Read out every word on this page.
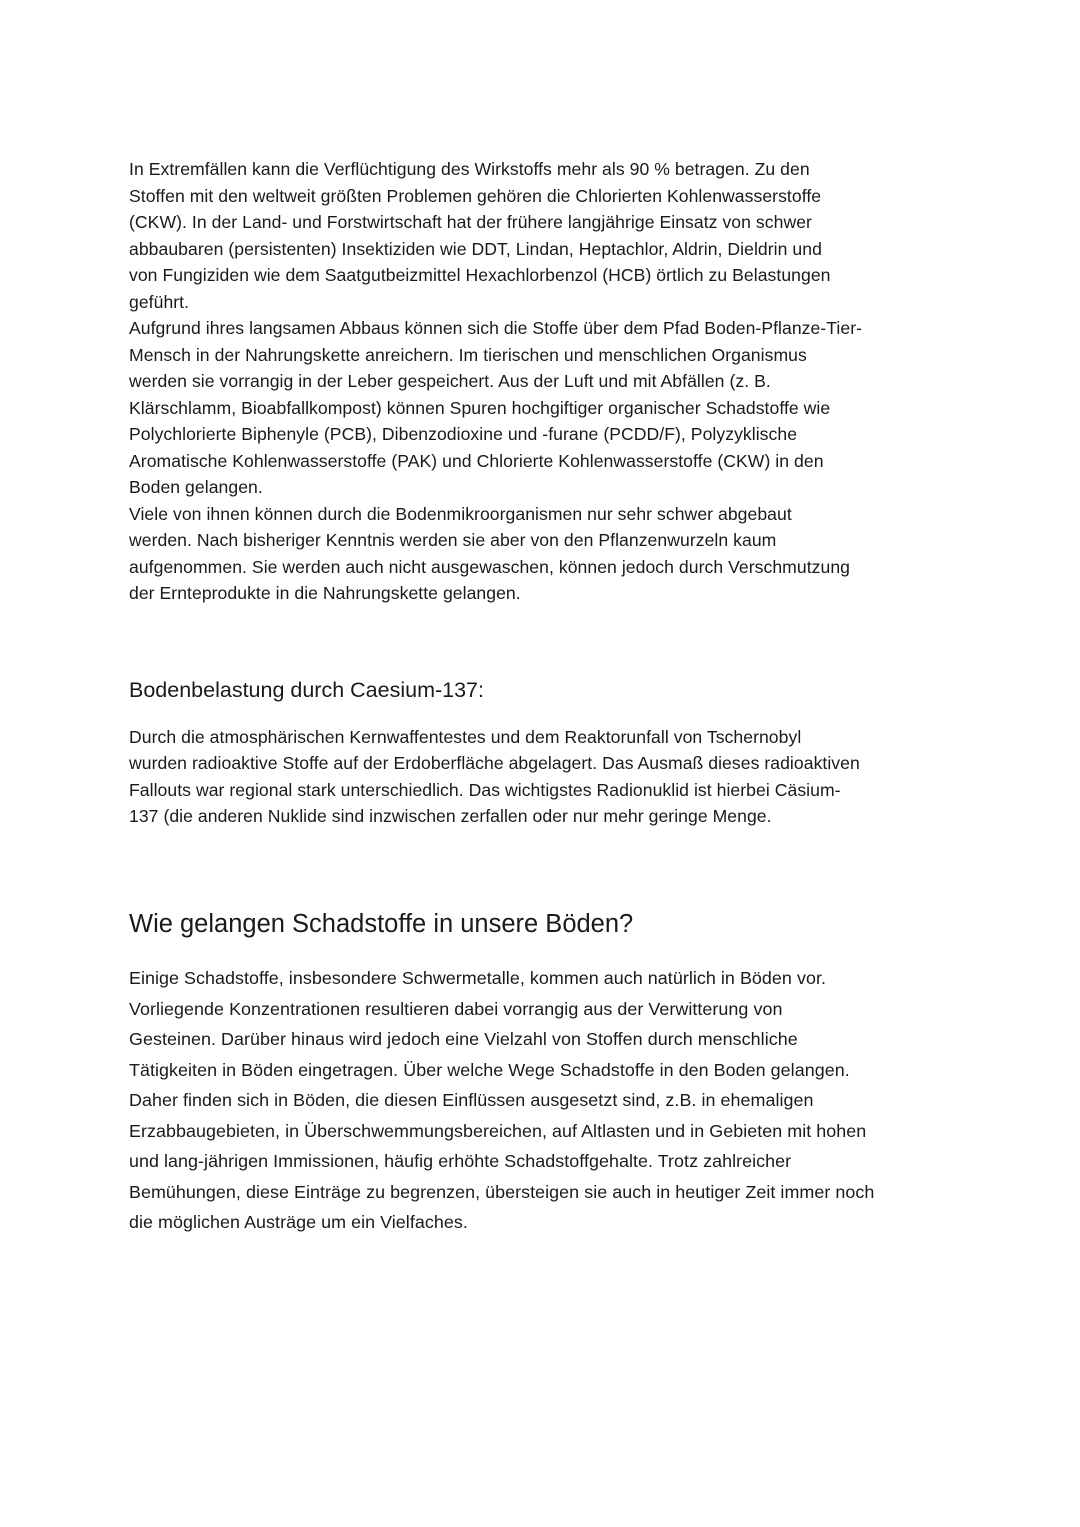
In Extremfällen kann die Verflüchtigung des Wirkstoffs mehr als 90 % betragen. Zu den
Stoffen mit den weltweit größten Problemen gehören die Chlorierten Kohlenwasserstoffe
(CKW). In der Land- und Forstwirtschaft hat der frühere langjährige Einsatz von schwer
abbaubaren (persistenten) Insektiziden wie DDT, Lindan, Heptachlor, Aldrin, Dieldrin und
von Fungiziden wie dem Saatgutbeizmittel Hexachlorbenzol (HCB) örtlich zu Belastungen
geführt.
Aufgrund ihres langsamen Abbaus können sich die Stoffe über dem Pfad Boden-Pflanze-Tier-
Mensch in der Nahrungskette anreichern. Im tierischen und menschlichen Organismus
werden sie vorrangig in der Leber gespeichert. Aus der Luft und mit Abfällen (z. B.
Klärschlamm, Bioabfallkompost) können Spuren hochgiftiger organischer Schadstoffe wie
Polychlorierte Biphenyle (PCB), Dibenzodioxine und -furane (PCDD/F), Polyzyklische
Aromatische Kohlenwasserstoffe (PAK) und Chlorierte Kohlenwasserstoffe (CKW) in den
Boden gelangen.
Viele von ihnen können durch die Bodenmikroorganismen nur sehr schwer abgebaut
werden. Nach bisheriger Kenntnis werden sie aber von den Pflanzenwurzeln kaum
aufgenommen. Sie werden auch nicht ausgewaschen, können jedoch durch Verschmutzung
der Ernteprodukte in die Nahrungskette gelangen.
Bodenbelastung durch Caesium-137:
Durch die atmosphärischen Kernwaffentestes und dem Reaktorunfall von Tschernobyl
wurden radioaktive Stoffe auf der Erdoberfläche abgelagert. Das Ausmaß dieses radioaktiven
Fallouts war regional stark unterschiedlich. Das wichtigstes Radionuklid ist hierbei Cäsium-
137 (die anderen Nuklide sind inzwischen zerfallen oder nur mehr geringe Menge.
Wie gelangen Schadstoffe in unsere Böden?
Einige Schadstoffe, insbesondere Schwermetalle, kommen auch natürlich in Böden vor.
Vorliegende Konzentrationen resultieren dabei vorrangig aus der Verwitterung von
Gesteinen. Darüber hinaus wird jedoch eine Vielzahl von Stoffen durch menschliche
Tätigkeiten in Böden eingetragen. Über welche Wege Schadstoffe in den Boden gelangen.
Daher finden sich in Böden, die diesen Einflüssen ausgesetzt sind, z.B. in ehemaligen
Erzabbaugebieten, in Überschwemmungsbereichen, auf Altlasten und in Gebieten mit hohen
und lang-jährigen Immissionen, häufig erhöhte Schadstoffgehalte. Trotz zahlreicher
Bemühungen, diese Einträge zu begrenzen, übersteigen sie auch in heutiger Zeit immer noch
die möglichen Austräge um ein Vielfaches.
